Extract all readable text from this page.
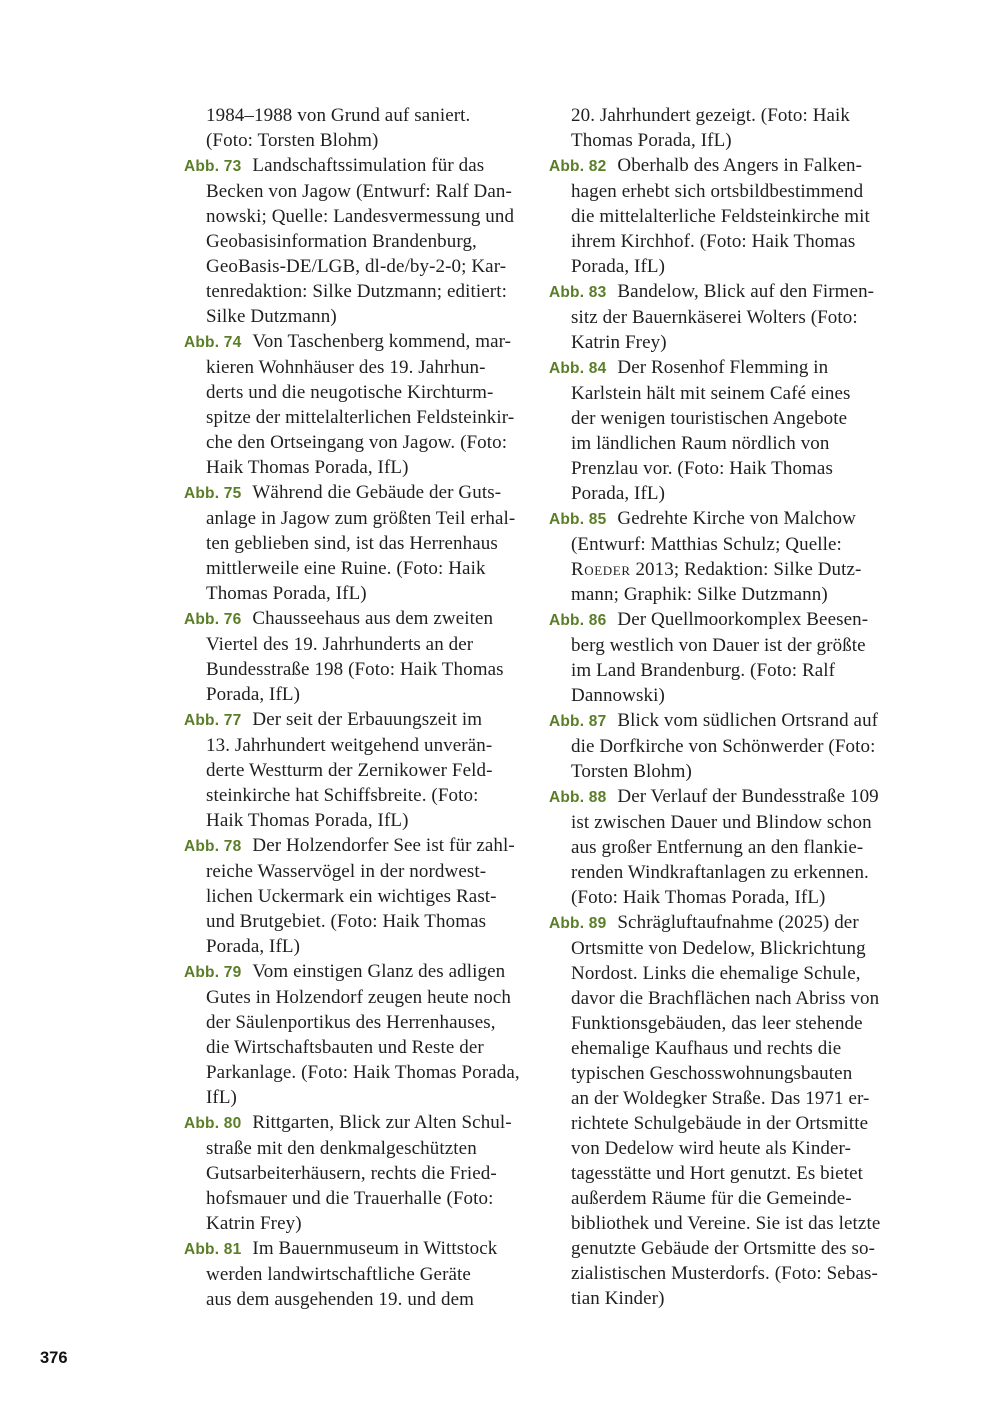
1984–1988 von Grund auf saniert.
(Foto: Torsten Blohm)
Abb. 73 Landschaftssimulation für das
Becken von Jagow (Entwurf: Ralf Dan-
nowski; Quelle: Landesvermessung und
Geobasisinformation Brandenburg,
GeoBasis-DE/LGB, dl-de/by-2-0; Kar-
tenredaktion: Silke Dutzmann; editiert:
Silke Dutzmann)
Abb. 74 Von Taschenberg kommend, mar-
kieren Wohnhäuser des 19. Jahrhun-
derts und die neugotische Kirchturm-
spitze der mittelalterlichen Feldsteinkir-
che den Ortseingang von Jagow. (Foto:
Haik Thomas Porada, IfL)
Abb. 75 Während die Gebäude der Guts-
anlage in Jagow zum größten Teil erhal-
ten geblieben sind, ist das Herrenhaus
mittlerweile eine Ruine. (Foto: Haik
Thomas Porada, IfL)
Abb. 76 Chausseehaus aus dem zweiten
Viertel des 19. Jahrhunderts an der
Bundesstraße 198 (Foto: Haik Thomas
Porada, IfL)
Abb. 77 Der seit der Erbauungszeit im
13. Jahrhundert weitgehend unverän-
derte Westturm der Zernikower Feld-
steinkirche hat Schiffsbreite. (Foto:
Haik Thomas Porada, IfL)
Abb. 78 Der Holzendorfer See ist für zahl-
reiche Wasservögel in der nordwest-
lichen Uckermark ein wichtiges Rast-
und Brutgebiet. (Foto: Haik Thomas
Porada, IfL)
Abb. 79 Vom einstigen Glanz des adligen
Gutes in Holzendorf zeugen heute noch
der Säulenportikus des Herrenhauses,
die Wirtschaftsbauten und Reste der
Parkanlage. (Foto: Haik Thomas Porada,
IfL)
Abb. 80 Rittgarten, Blick zur Alten Schul-
straße mit den denkmalgeschützten
Gutsarbeiterhäusern, rechts die Fried-
hofsmauer und die Trauerhalle (Foto:
Katrin Frey)
Abb. 81 Im Bauernmuseum in Wittstock
werden landwirtschaftliche Geräte
aus dem ausgehenden 19. und dem
20. Jahrhundert gezeigt. (Foto: Haik
Thomas Porada, IfL)
Abb. 82 Oberhalb des Angers in Falken-
hagen erhebt sich ortsbildbestimmend
die mittelalterliche Feldsteinkirche mit
ihrem Kirchhof. (Foto: Haik Thomas
Porada, IfL)
Abb. 83 Bandelow, Blick auf den Firmen-
sitz der Bauernkäserei Wolters (Foto:
Katrin Frey)
Abb. 84 Der Rosenhof Flemming in
Karlstein hält mit seinem Café eines
der wenigen touristischen Angebote
im ländlichen Raum nördlich von
Prenzlau vor. (Foto: Haik Thomas
Porada, IfL)
Abb. 85 Gedrehte Kirche von Malchow
(Entwurf: Matthias Schulz; Quelle:
Roeder 2013; Redaktion: Silke Dutz-
mann; Graphik: Silke Dutzmann)
Abb. 86 Der Quellmoorkomplex Beesen-
berg westlich von Dauer ist der größte
im Land Brandenburg. (Foto: Ralf
Dannowski)
Abb. 87 Blick vom südlichen Ortsrand auf
die Dorfkirche von Schönwerder (Foto:
Torsten Blohm)
Abb. 88 Der Verlauf der Bundesstraße 109
ist zwischen Dauer und Blindow schon
aus großer Entfernung an den flankie-
renden Windkraftanlagen zu erkennen.
(Foto: Haik Thomas Porada, IfL)
Abb. 89 Schrägluftaufnahme (2025) der
Ortsmitte von Dedelow, Blickrichtung
Nordost. Links die ehemalige Schule,
davor die Brachflächen nach Abriss von
Funktionsgebäuden, das leer stehende
ehemalige Kaufhaus und rechts die
typischen Geschosswohnungsbauten
an der Woldegker Straße. Das 1971 er-
richtete Schulgebäude in der Ortsmitte
von Dedelow wird heute als Kinder-
tagesstätte und Hort genutzt. Es bietet
außerdem Räume für die Gemeinde-
bibliothek und Vereine. Sie ist das letzte
genutzte Gebäude der Ortsmitte des so-
zialistischen Musterdorfs. (Foto: Sebas-
tian Kinder)
376
